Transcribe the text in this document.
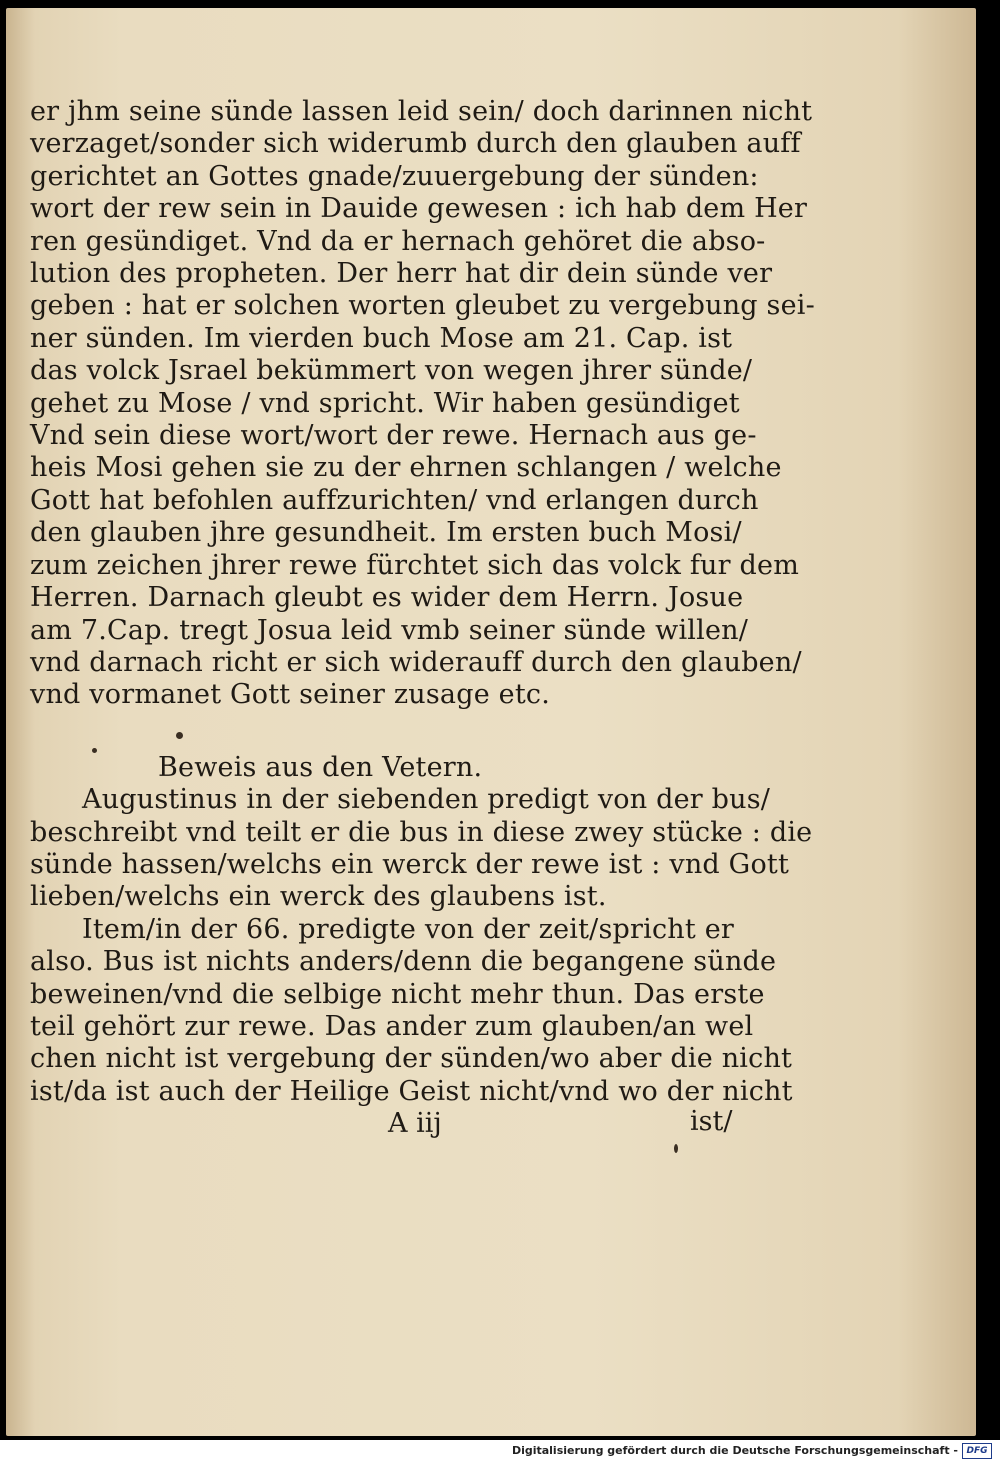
er jhm seine sünde lassen leid sein/ doch darinnen nicht
verzaget/sonder sich widerumb durch den glauben auff
gerichtet an Gottes gnade/zuuergebung der sünden:
wort der rew sein in Dauide gewesen : ich hab dem Her
ren gesündiget. Vnd da er hernach gehöret die abso-
lution des propheten. Der herr hat dir dein sünde ver
geben : hat er solchen worten gleubet zu vergebung sei-
ner sünden. Im vierden buch Mose am 21. Cap. ist
das volck Jsrael bekümmert von wegen jhrer sünde/
gehet zu Mose / vnd spricht. Wir haben gesündiget
Vnd sein diese wort/wort der rewe. Hernach aus ge-
heis Mosi gehen sie zu der ehrnen schlangen / welche
Gott hat befohlen auffzurichten/ vnd erlangen durch
den glauben jhre gesundheit. Im ersten buch Mosi/
zum zeichen jhrer rewe fürchtet sich das volck fur dem
Herren. Darnach gleubt es wider dem Herrn. Josue
am 7.Cap. tregt Josua leid vmb seiner sünde willen/
vnd darnach richt er sich widerauff durch den glauben/
vnd vormanet Gott seiner zusage etc.
Beweis aus den Vetern.
Augustinus in der siebenden predigt von der bus/
beschreibt vnd teilt er die bus in diese zwey stücke : die
sünde hassen/welchs ein werck der rewe ist : vnd Gott
lieben/welchs ein werck des glaubens ist.
Item/in der 66. predigte von der zeit/spricht er
also. Bus ist nichts anders/denn die begangene sünde
beweinen/vnd die selbige nicht mehr thun. Das erste
teil gehört zur rewe. Das ander zum glauben/an wel
chen nicht ist vergebung der sünden/wo aber die nicht
ist/da ist auch der Heilige Geist nicht/vnd wo der nicht
A iij	ist/
Digitalisierung gefördert durch die Deutsche Forschungsgemeinschaft - DFG
